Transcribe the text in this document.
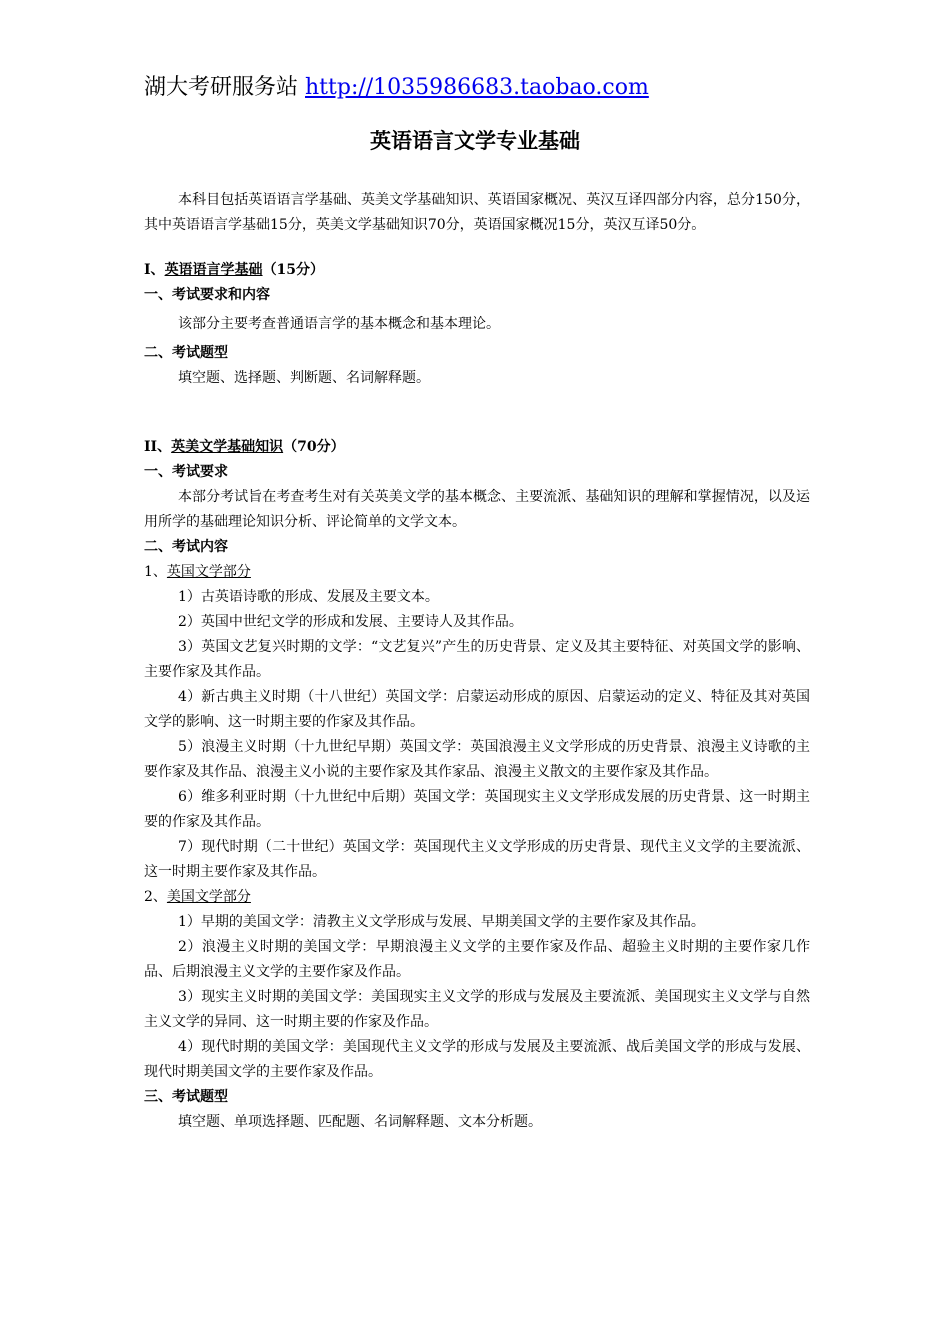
湖大考研服务站 http://1035986683.taobao.com
英语语言文学专业基础

本科目包括英语语言学基础、英美文学基础知识、英语国家概况、英汉互译四部分内容，总分150分，其中英语语言学基础15分，英美文学基础知识70分，英语国家概况15分，英汉互译50分。

I、英语语言学基础（15分）

一、考试要求和内容

该部分主要考查普通语言学的基本概念和基本理论。

二、考试题型

填空题、选择题、判断题、名词解释题。

II、英美文学基础知识（70分）

一、考试要求

本部分考试旨在考查考生对有关英美文学的基本概念、主要流派、基础知识的理解和掌握情况，以及运用所学的基础理论知识分析、评论简单的文学文本。

二、考试内容

1、英国文学部分

1）古英语诗歌的形成、发展及主要文本。

2）英国中世纪文学的形成和发展、主要诗人及其作品。

3）英国文艺复兴时期的文学：“文艺复兴”产生的历史背景、定义及其主要特征、对英国文学的影响、主要作家及其作品。

4）新古典主义时期（十八世纪）英国文学：启蒙运动形成的原因、启蒙运动的定义、特征及其对英国文学的影响、这一时期主要的作家及其作品。

5）浪漫主义时期（十九世纪早期）英国文学：英国浪漫主义文学形成的历史背景、浪漫主义诗歌的主要作家及其作品、浪漫主义小说的主要作家及其作家品、浪漫主义散文的主要作家及其作品。

6）维多利亚时期（十九世纪中后期）英国文学：英国现实主义文学形成发展的历史背景、这一时期主要的作家及其作品。

7）现代时期（二十世纪）英国文学：英国现代主义文学形成的历史背景、现代主义文学的主要流派、这一时期主要作家及其作品。

2、美国文学部分

1）早期的美国文学：清教主义文学形成与发展、早期美国文学的主要作家及其作品。

2）浪漫主义时期的美国文学：早期浪漫主义文学的主要作家及作品、超验主义时期的主要作家几作品、后期浪漫主义文学的主要作家及作品。

3）现实主义时期的美国文学：美国现实主义文学的形成与发展及主要流派、美国现实主义文学与自然主义文学的异同、这一时期主要的作家及作品。

4）现代时期的美国文学：美国现代主义文学的形成与发展及主要流派、战后美国文学的形成与发展、现代时期美国文学的主要作家及作品。

三、考试题型

填空题、单项选择题、匹配题、名词解释题、文本分析题。
